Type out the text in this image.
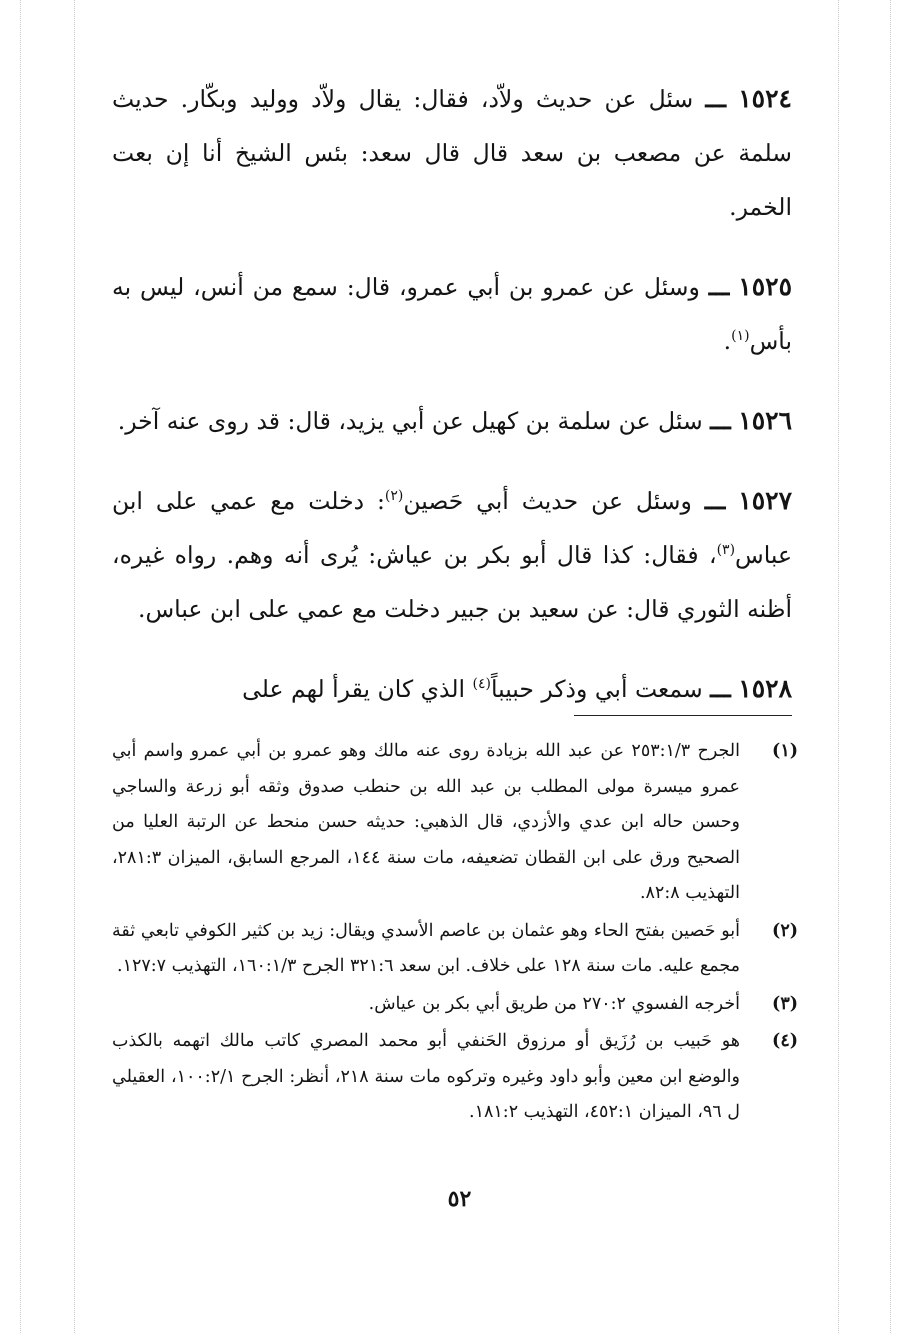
١٥٢٤ ـــ سئل عن حديث ولاّد، فقال: يقال ولاّد ووليد وبكّار. حديث سلمة عن مصعب بن سعد قال قال سعد: بئس الشيخ أنا إن بعت الخمر.

١٥٢٥ ـــ وسئل عن عمرو بن أبي عمرو، قال: سمع من أنس، ليس به بأس$^{(١)}$.

١٥٢٦ ـــ سئل عن سلمة بن كهيل عن أبي يزيد، قال: قد روى عنه آخر.

١٥٢٧ ـــ وسئل عن حديث أبي حَصين$^{(٢)}$: دخلت مع عمي على ابن عباس$^{(٣)}$، فقال: كذا قال أبو بكر بن عياش: يُرى أنه وهم. رواه غيره، أظنه الثوري قال: عن سعيد بن جبير دخلت مع عمي على ابن عباس.

١٥٢٨ ـــ سمعت أبي وذكر حبيباً$^{(٤)}$ الذي كان يقرأ لهم على

(١)
الجرح ٢٥٣:١/٣ عن عبد الله بزيادة روى عنه مالك وهو عمرو بن أبي عمرو واسم أبي عمرو ميسرة مولى المطلب بن عبد الله بن حنطب صدوق وثقه أبو زرعة والساجي وحسن حاله ابن عدي والأزدي، قال الذهبي: حديثه حسن منحط عن الرتبة العليا من الصحيح ورق على ابن القطان تضعيفه، مات سنة ١٤٤، المرجع السابق، الميزان ٢٨١:٣، التهذيب ٨٢:٨.

(٢)
أبو حَصين بفتح الحاء وهو عثمان بن عاصم الأسدي ويقال: زيد بن كثير الكوفي تابعي ثقة مجمع عليه. مات سنة ١٢٨ على خلاف. ابن سعد ٣٢١:٦ الجرح ١٦٠:١/٣، التهذيب ١٢٧:٧.

(٣)
أخرجه الفسوي ٢٧٠:٢ من طريق أبي بكر بن عياش.

(٤)
هو حَبيب بن رُزَيق أو مرزوق الحَنفي أبو محمد المصري كاتب مالك اتهمه بالكذب والوضع ابن معين وأبو داود وغيره وتركوه مات سنة ٢١٨، أنظر: الجرح ١٠٠:٢/١، العقيلي ل ٩٦، الميزان ٤٥٢:١، التهذيب ١٨١:٢.

٥٢
